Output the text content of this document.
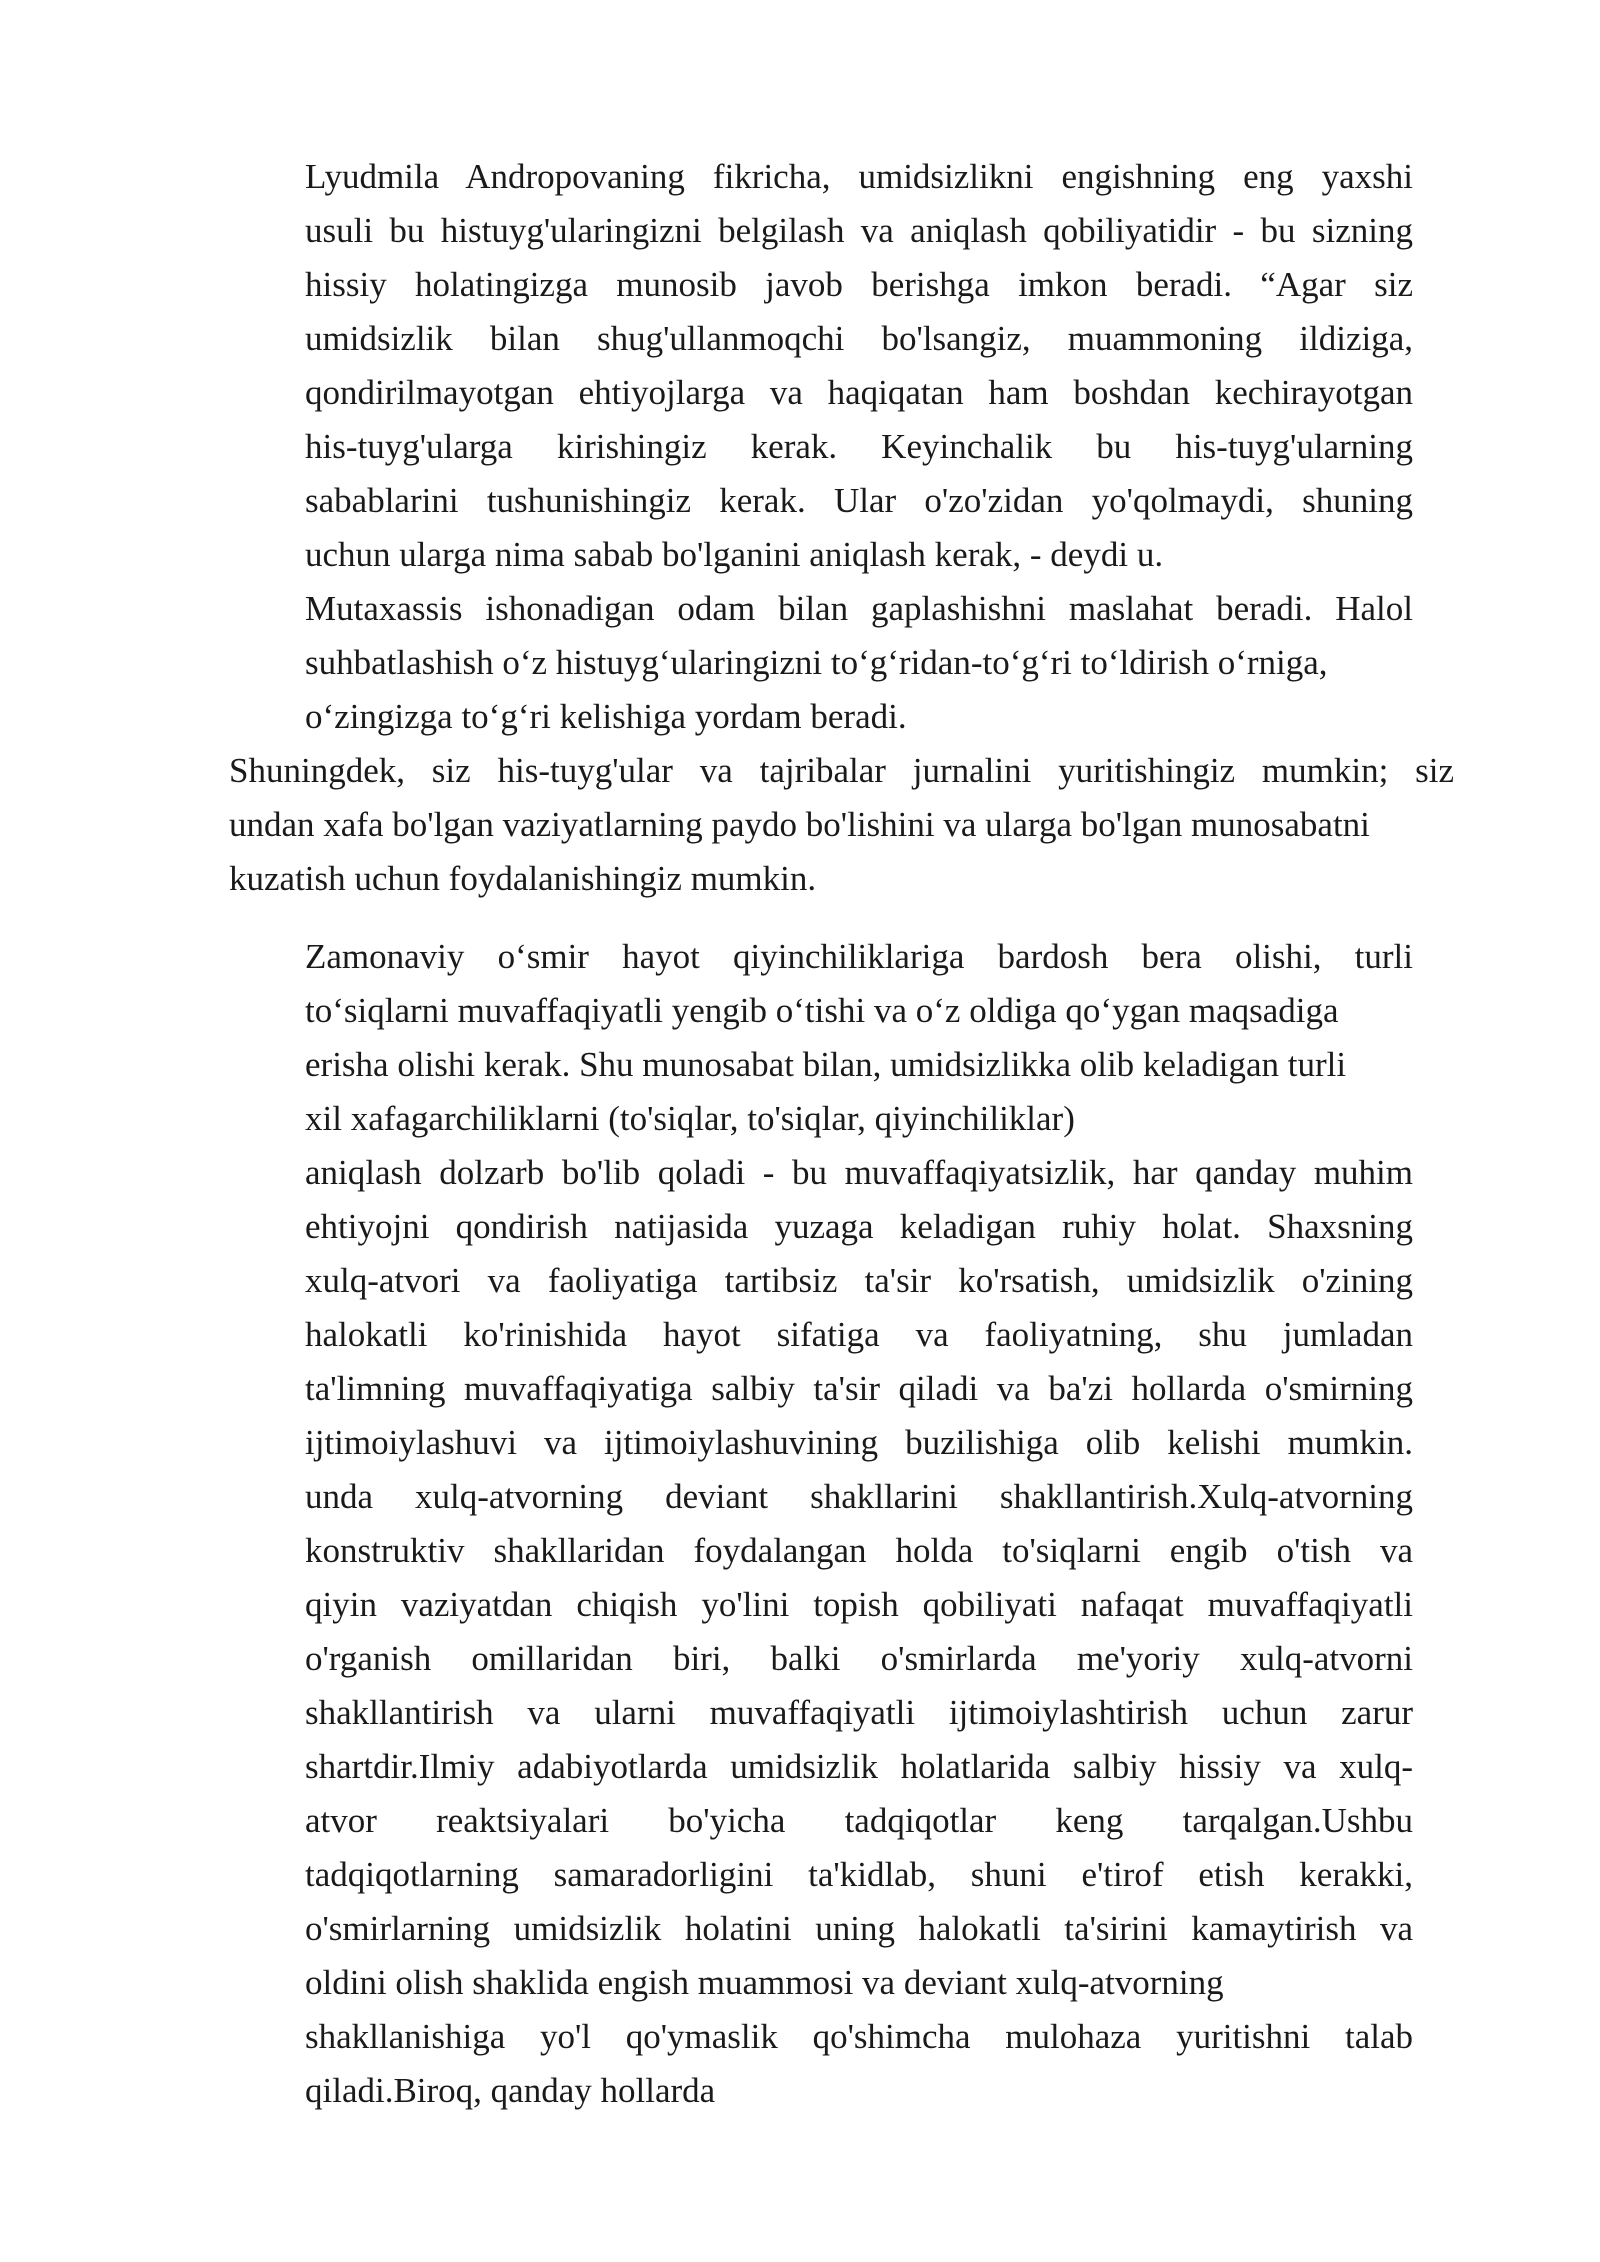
Lyudmila Andropovaning fikricha, umidsizlikni engishning eng yaxshi
usuli bu histuyg'ularingizni belgilash va aniqlash qobiliyatidir - bu sizning
hissiy holatingizga munosib javob berishga imkon beradi. “Agar siz
umidsizlik bilan shug'ullanmoqchi bo'lsangiz, muammoning ildiziga,
qondirilmayotgan ehtiyojlarga va haqiqatan ham boshdan kechirayotgan
his-tuyg'ularga kirishingiz kerak. Keyinchalik bu his-tuyg'ularning
sabablarini tushunishingiz kerak. Ular o'zo'zidan yo'qolmaydi, shuning
uchun ularga nima sabab bo'lganini aniqlash kerak, - deydi u.
Mutaxassis ishonadigan odam bilan gaplashishni maslahat beradi. Halol
suhbatlashish o‘z histuyg‘ularingizni to‘g‘ridan-to‘g‘ri to‘ldirish o‘rniga,
o‘zingizga to‘g‘ri kelishiga yordam beradi.
Shuningdek, siz his-tuyg'ular va tajribalar jurnalini yuritishingiz mumkin; siz
undan xafa bo'lgan vaziyatlarning paydo bo'lishini va ularga bo'lgan munosabatni
kuzatish uchun foydalanishingiz mumkin.
Zamonaviy o‘smir hayot qiyinchiliklariga bardosh bera olishi, turli
to‘siqlarni muvaffaqiyatli yengib o‘tishi va o‘z oldiga qo‘ygan maqsadiga
erisha olishi kerak. Shu munosabat bilan, umidsizlikka olib keladigan turli
xil xafagarchiliklarni (to'siqlar, to'siqlar, qiyinchiliklar)
aniqlash dolzarb bo'lib qoladi - bu muvaffaqiyatsizlik, har qanday muhim
ehtiyojni qondirish natijasida yuzaga keladigan ruhiy holat. Shaxsning
xulq-atvori va faoliyatiga tartibsiz ta'sir ko'rsatish, umidsizlik o'zining
halokatli ko'rinishida hayot sifatiga va faoliyatning, shu jumladan
ta'limning muvaffaqiyatiga salbiy ta'sir qiladi va ba'zi hollarda o'smirning
ijtimoiylashuvi va ijtimoiylashuvining buzilishiga olib kelishi mumkin.
unda xulq-atvorning deviant shakllarini shakllantirish.Xulq-atvorning
konstruktiv shakllaridan foydalangan holda to'siqlarni engib o'tish va
qiyin vaziyatdan chiqish yo'lini topish qobiliyati nafaqat muvaffaqiyatli
o'rganish omillaridan biri, balki o'smirlarda me'yoriy xulq-atvorni
shakllantirish va ularni muvaffaqiyatli ijtimoiylashtirish uchun zarur
shartdir.Ilmiy adabiyotlarda umidsizlik holatlarida salbiy hissiy va xulq-
atvor reaktsiyalari bo'yicha tadqiqotlar keng tarqalgan.Ushbu
tadqiqotlarning samaradorligini ta'kidlab, shuni e'tirof etish kerakki,
o'smirlarning umidsizlik holatini uning halokatli ta'sirini kamaytirish va
oldini olish shaklida engish muammosi va deviant xulq-atvorning
shakllanishiga yo'l qo'ymaslik qo'shimcha mulohaza yuritishni talab
qiladi.Biroq, qanday hollarda
